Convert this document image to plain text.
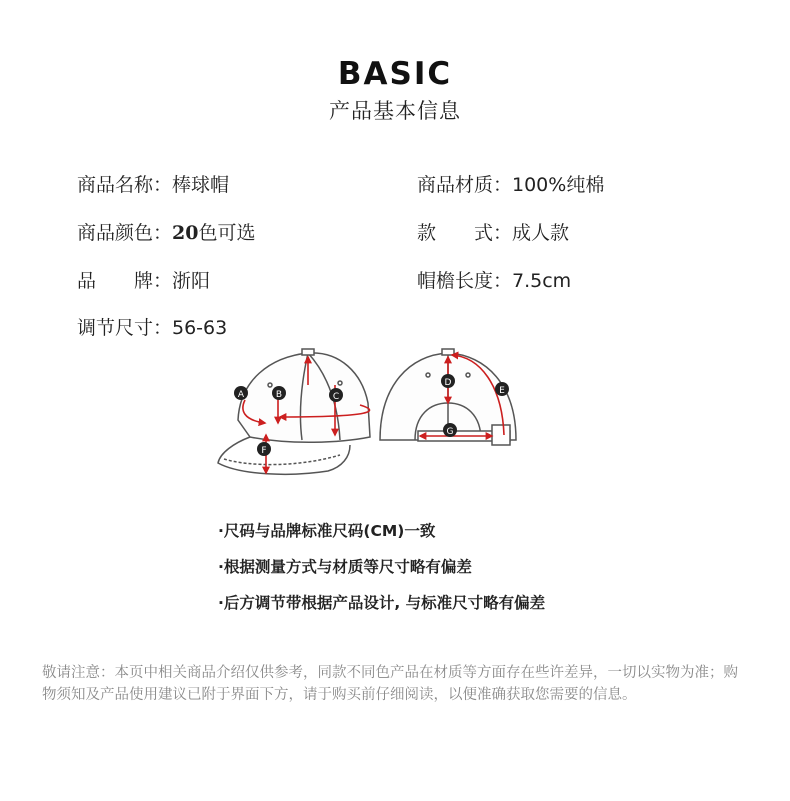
BASIC
产品基本信息
商品名称：棒球帽	商品材质：100%纯棉
商品颜色：20色可选	款　　式：成人款
品　　牌：浙阳	帽檐长度：7.5cm
调节尺寸：56-63
A	B	C
F
D
E
G
·尺码与品牌标准尺码(CM)一致
·根据测量方式与材质等尺寸略有偏差
·后方调节带根据产品设计, 与标准尺寸略有偏差
敬请注意：本页中相关商品介绍仅供参考，同款不同色产品在材质等方面存在些许差异，一切以实物为准；购物须知及产品使用建议已附于界面下方，请于购买前仔细阅读，以便准确获取您需要的信息。
